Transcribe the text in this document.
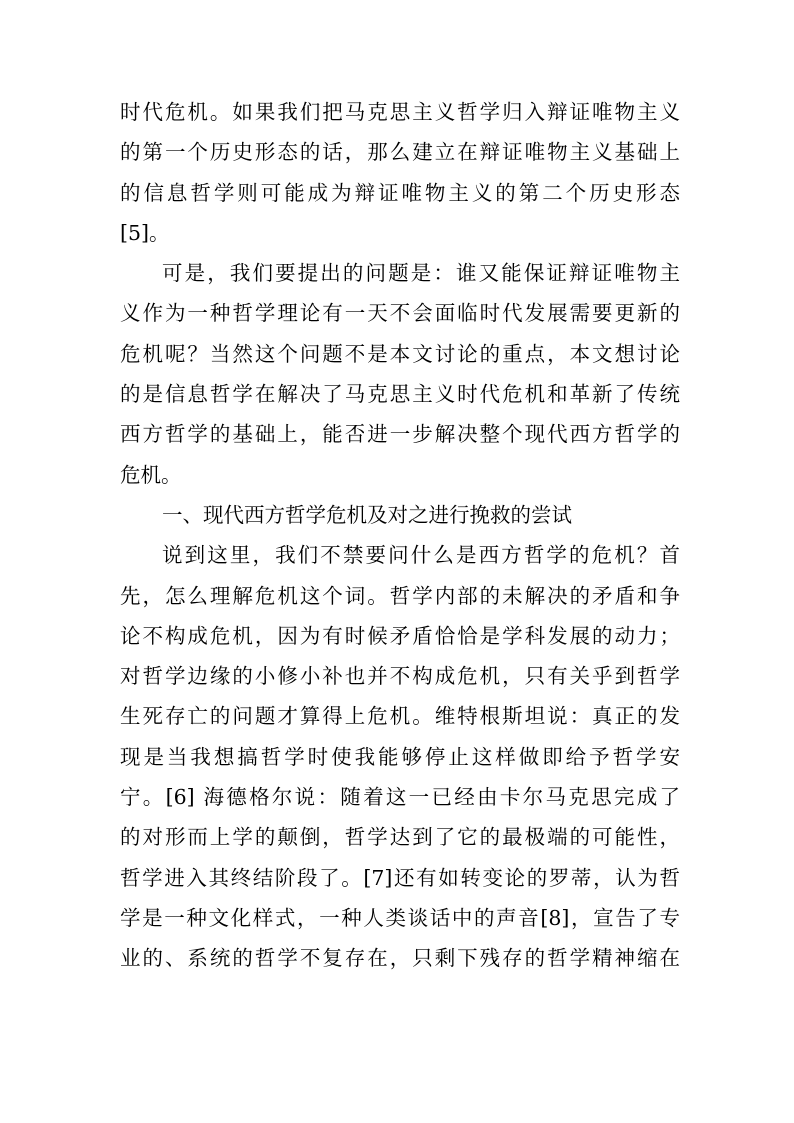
时代危机。如果我们把马克思主义哲学归入辩证唯物主义
的第一个历史形态的话，那么建立在辩证唯物主义基础上
的信息哲学则可能成为辩证唯物主义的第二个历史形态
[5]。
可是，我们要提出的问题是：谁又能保证辩证唯物主
义作为一种哲学理论有一天不会面临时代发展需要更新的
危机呢？当然这个问题不是本文讨论的重点，本文想讨论
的是信息哲学在解决了马克思主义时代危机和革新了传统
西方哲学的基础上，能否进一步解决整个现代西方哲学的
危机。
一、现代西方哲学危机及对之进行挽救的尝试
说到这里，我们不禁要问什么是西方哲学的危机？首
先，怎么理解危机这个词。哲学内部的未解决的矛盾和争
论不构成危机，因为有时候矛盾恰恰是学科发展的动力；
对哲学边缘的小修小补也并不构成危机，只有关乎到哲学
生死存亡的问题才算得上危机。维特根斯坦说：真正的发
现是当我想搞哲学时使我能够停止这样做即给予哲学安
宁。[6] 海德格尔说：随着这一已经由卡尔马克思完成了
的对形而上学的颠倒，哲学达到了它的最极端的可能性，
哲学进入其终结阶段了。[7]还有如转变论的罗蒂，认为哲
学是一种文化样式，一种人类谈话中的声音[8]，宣告了专
业的、系统的哲学不复存在，只剩下残存的哲学精神缩在
